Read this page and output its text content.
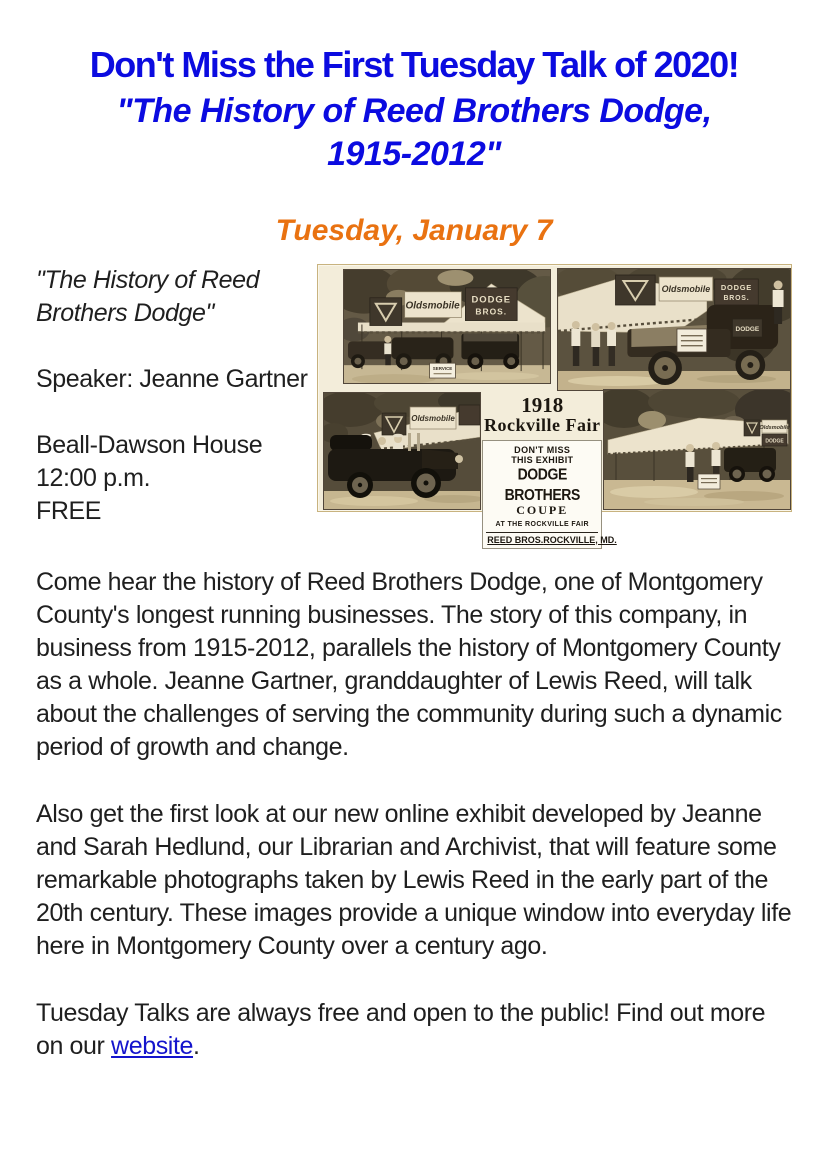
Don't Miss the First Tuesday Talk of 2020!
"The History of Reed Brothers Dodge,
1915-2012"
Tuesday, January 7
"The History of Reed Brothers Dodge"
Speaker: Jeanne Gartner
Beall-Dawson House
12:00 p.m.
FREE
Oldsmobile
DODGE
BROS.
SERVICE
Oldsmobile DODGE
BROS.
DODGE
Oldsmobile
Oldsmobile
DODGE
1918
Rockville Fair
DON'T MISS
THIS EXHIBIT
DODGE BROTHERS
COUPE
AT THE ROCKVILLE FAIR
REED BROS. ROCKVILLE, MD.

Come hear the history of Reed Brothers Dodge, one of Montgomery County's longest running businesses. The story of this company, in business from 1915-2012, parallels the history of Montgomery County as a whole. Jeanne Gartner, granddaughter of Lewis Reed, will talk about the challenges of serving the community during such a dynamic period of growth and change.

Also get the first look at our new online exhibit developed by Jeanne and Sarah Hedlund, our Librarian and Archivist, that will feature some remarkable photographs taken by Lewis Reed in the early part of the 20th century. These images provide a unique window into everyday life here in Montgomery County over a century ago.

Tuesday Talks are always free and open to the public! Find out more on our website.
